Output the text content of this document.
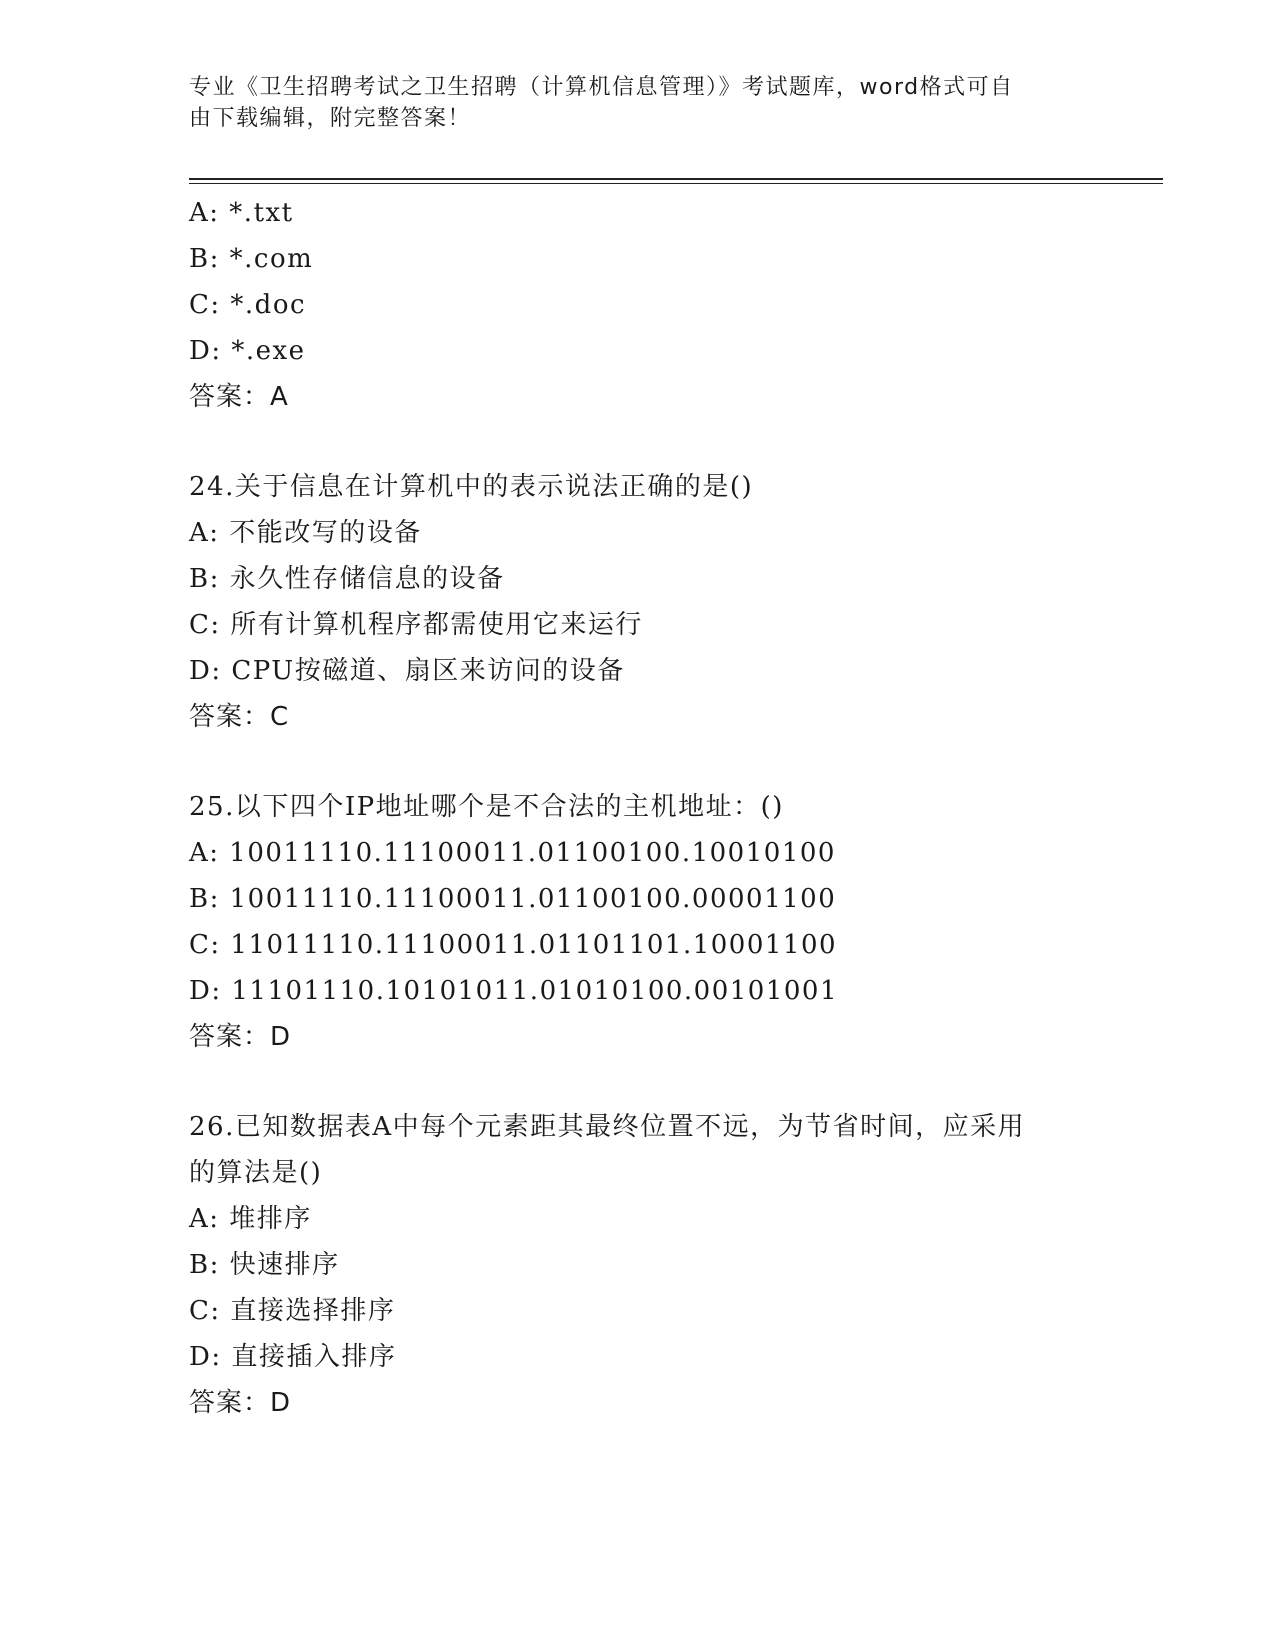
专业《卫生招聘考试之卫生招聘（计算机信息管理）》考试题库，word格式可自
由下载编辑，附完整答案！
A: *.txt
B: *.com
C: *.doc
D: *.exe
答案：A
24.关于信息在计算机中的表示说法正确的是()
A: 不能改写的设备
B: 永久性存储信息的设备
C: 所有计算机程序都需使用它来运行
D: CPU按磁道、扇区来访问的设备
答案：C
25.以下四个IP地址哪个是不合法的主机地址：()
A: 10011110.11100011.01100100.10010100
B: 10011110.11100011.01100100.00001100
C: 11011110.11100011.01101101.10001100
D: 11101110.10101011.01010100.00101001
答案：D
26.已知数据表A中每个元素距其最终位置不远，为节省时间，应采用
的算法是()
A: 堆排序
B: 快速排序
C: 直接选择排序
D: 直接插入排序
答案：D
